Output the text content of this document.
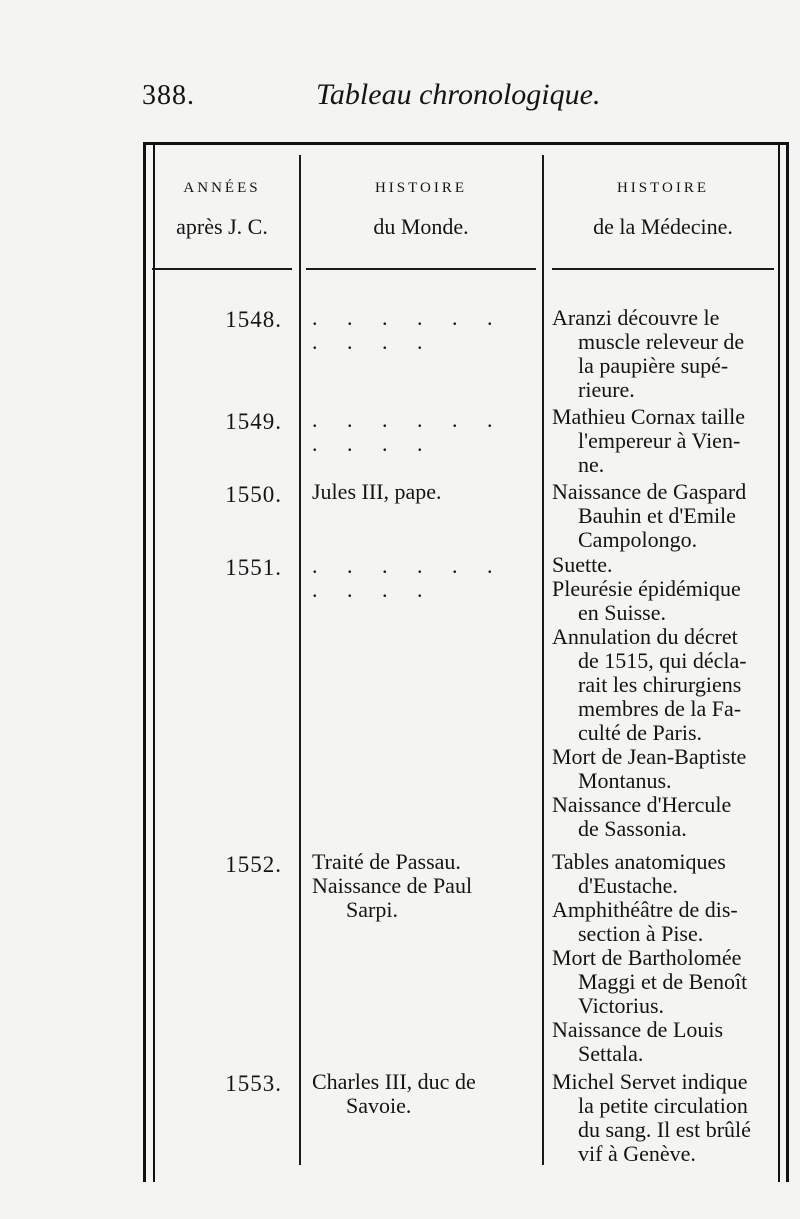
388.	Tableau chronologique.
ANNÉES
après J. C.
HISTOIRE
du Monde.
HISTOIRE
de la Médecine.
1548. . . . . . . . . . .
Aranzi découvre le
muscle releveur de
la paupière supé-
rieure.
1549. . . . . . . . . . .
Mathieu Cornax taille
l'empereur à Vien-
ne.
1550. Jules III, pape.	Naissance de Gaspard
Bauhin et d'Emile
Campolongo.
1551. . . . . . . . . . .
Suette.
Pleurésie épidémique
en Suisse.
Annulation du décret
de 1515, qui décla-
rait les chirurgiens
membres de la Fa-
culté de Paris.
Mort de Jean-Baptiste
Montanus.
Naissance d'Hercule
de Sassonia.
1552. Traité de Passau.
Naissance de Paul
Sarpi.
Tables anatomiques
d'Eustache.
Amphithéâtre de dis-
section à Pise.
Mort de Bartholomée
Maggi et de Benoît
Victorius.
Naissance de Louis
Settala.
1553. Charles III, duc de
Savoie.
Michel Servet indique
la petite circulation
du sang. Il est brûlé
vif à Genève.
